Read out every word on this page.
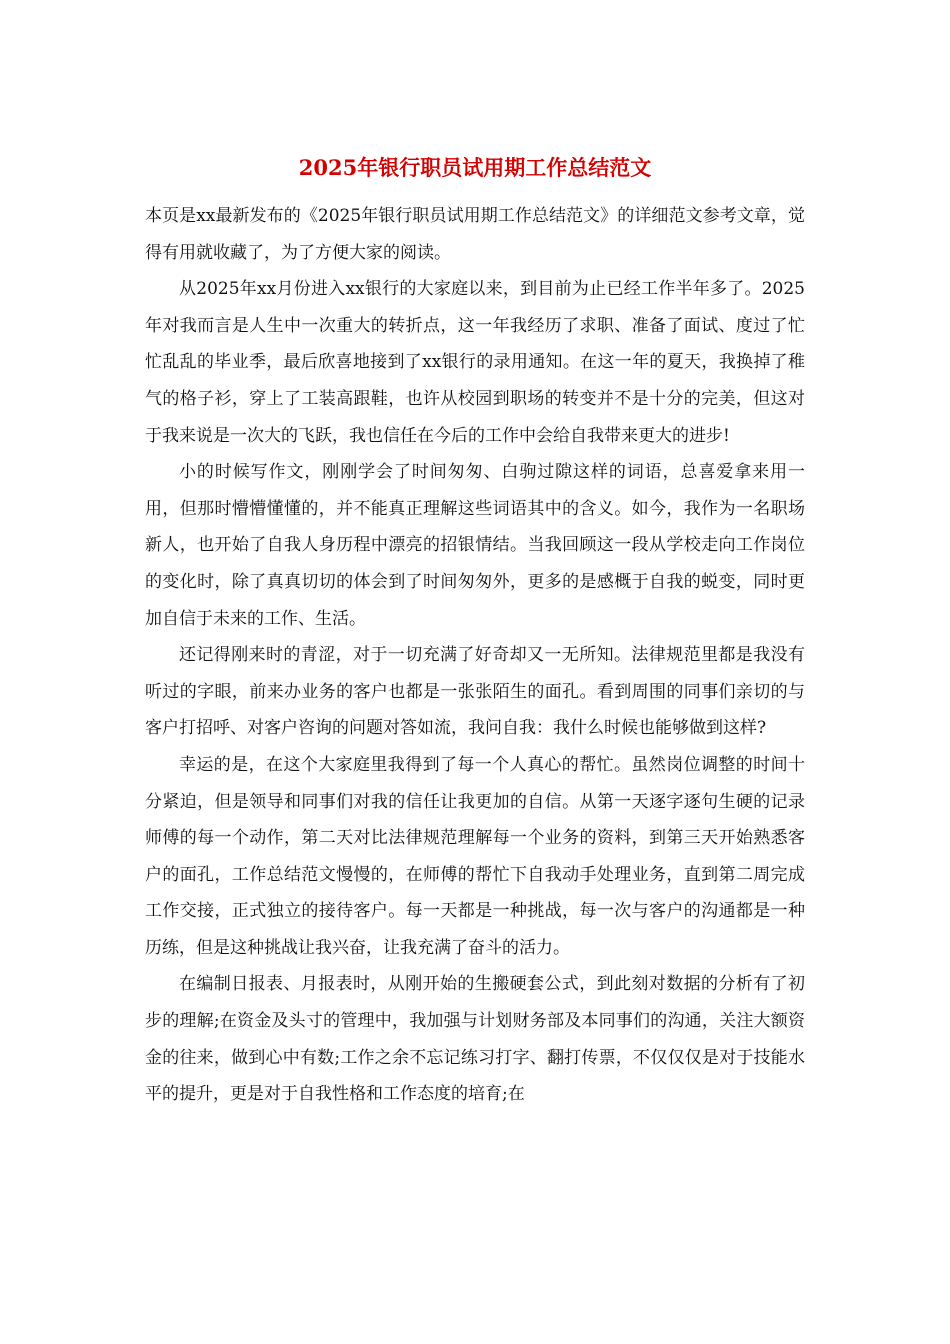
2025年银行职员试用期工作总结范文

本页是xx最新发布的《2025年银行职员试用期工作总结范文》的详细范文参考文章，觉得有用就收藏了，为了方便大家的阅读。

从2025年xx月份进入xx银行的大家庭以来，到目前为止已经工作半年多了。2025年对我而言是人生中一次重大的转折点，这一年我经历了求职、准备了面试、度过了忙忙乱乱的毕业季，最后欣喜地接到了xx银行的录用通知。在这一年的夏天，我换掉了稚气的格子衫，穿上了工装高跟鞋，也许从校园到职场的转变并不是十分的完美，但这对于我来说是一次大的飞跃，我也信任在今后的工作中会给自我带来更大的进步!

小的时候写作文，刚刚学会了时间匆匆、白驹过隙这样的词语，总喜爱拿来用一用，但那时懵懵懂懂的，并不能真正理解这些词语其中的含义。如今，我作为一名职场新人，也开始了自我人身历程中漂亮的招银情结。当我回顾这一段从学校走向工作岗位的变化时，除了真真切切的体会到了时间匆匆外，更多的是感概于自我的蜕变，同时更加自信于未来的工作、生活。

还记得刚来时的青涩，对于一切充满了好奇却又一无所知。法律规范里都是我没有听过的字眼，前来办业务的客户也都是一张张陌生的面孔。看到周围的同事们亲切的与客户打招呼、对客户咨询的问题对答如流，我问自我：我什么时候也能够做到这样?

幸运的是，在这个大家庭里我得到了每一个人真心的帮忙。虽然岗位调整的时间十分紧迫，但是领导和同事们对我的信任让我更加的自信。从第一天逐字逐句生硬的记录师傅的每一个动作，第二天对比法律规范理解每一个业务的资料，到第三天开始熟悉客户的面孔，工作总结范文慢慢的，在师傅的帮忙下自我动手处理业务，直到第二周完成工作交接，正式独立的接待客户。每一天都是一种挑战，每一次与客户的沟通都是一种历练，但是这种挑战让我兴奋，让我充满了奋斗的活力。

在编制日报表、月报表时，从刚开始的生搬硬套公式，到此刻对数据的分析有了初步的理解;在资金及头寸的管理中，我加强与计划财务部及本同事们的沟通，关注大额资金的往来，做到心中有数;工作之余不忘记练习打字、翻打传票，不仅仅仅是对于技能水平的提升，更是对于自我性格和工作态度的培育;在
